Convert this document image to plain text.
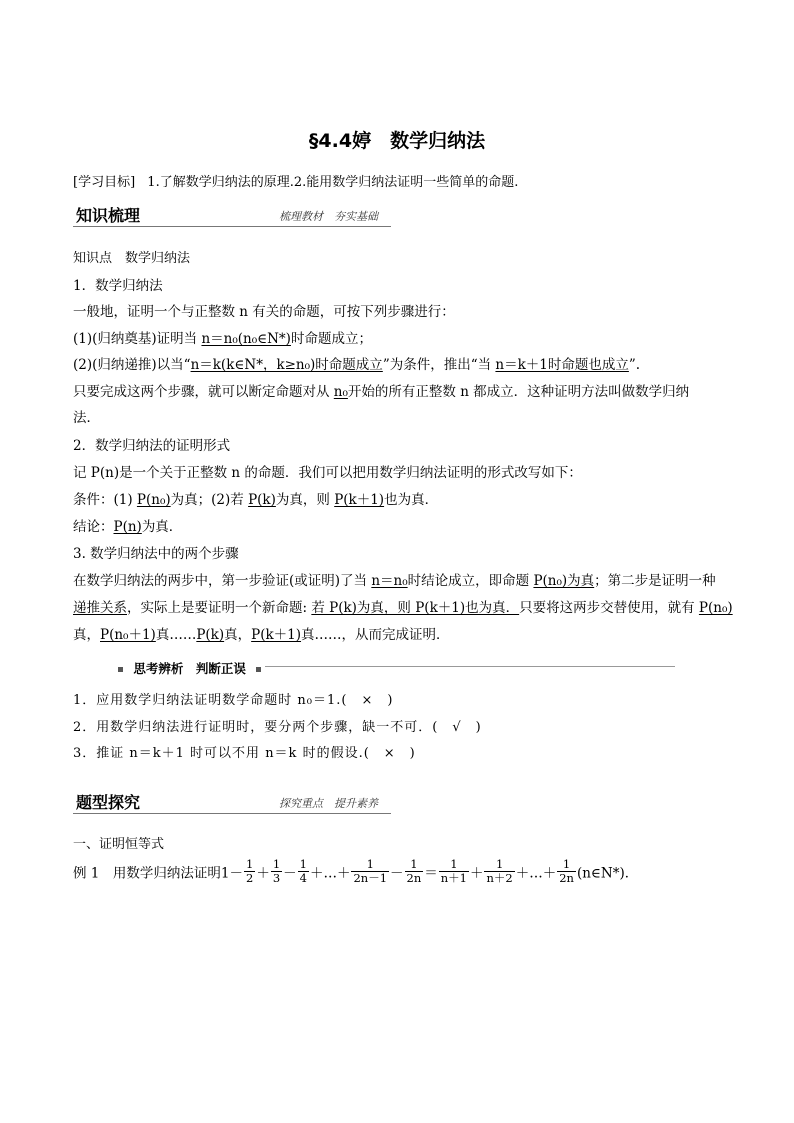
§4.4婷　数学归纳法
[学习目标] 1.了解数学归纳法的原理.2.能用数学归纳法证明一些简单的命题.
知识梳理	梳理教材　夯实基础
知识点　数学归纳法
1．数学归纳法
一般地，证明一个与正整数 n 有关的命题，可按下列步骤进行：
(1)(归纳奠基)证明当 n＝n₀(n₀∈N*)时命题成立；
(2)(归纳递推)以当“n＝k(k∈N*，k≥n₀)时命题成立”为条件，推出“当 n＝k＋1时命题也成立”.
只要完成这两个步骤，就可以断定命题对从 n₀开始的所有正整数 n 都成立．这种证明方法叫做数学归纳
法．
2．数学归纳法的证明形式
记 P(n)是一个关于正整数 n 的命题．我们可以把用数学归纳法证明的形式改写如下：
条件：(1) P(n₀)为真；(2)若 P(k)为真，则 P(k＋1)也为真．
结论：P(n)为真．
3. 数学归纳法中的两个步骤
在数学归纳法的两步中，第一步验证(或证明)了当 n＝n₀时结论成立，即命题 P(n₀)为真；第二步是证明一种
递推关系，实际上是要证明一个新命题: 若 P(k)为真，则 P(k＋1)也为真．只要将这两步交替使用，就有 P(n₀)
真，P(n₀＋1)真……P(k)真，P(k＋1)真……，从而完成证明．
思考辨析　判断正误
1．应用数学归纳法证明数学命题时 n₀＝1.(　×　)
2．用数学归纳法进行证明时，要分两个步骤，缺一不可．(　√　)
3．推证 n＝k＋1 时可以不用 n＝k 时的假设.(　×　)
题型探究	探究重点　提升素养
一、证明恒等式
例 1　用数学归纳法证明$1- \frac{1}{2} + \frac{1}{3} - \frac{1}{4}$ ＋…＋ $\frac{1}{2n-1} - \frac{1}{2n} = \frac{1}{n+1} + \frac{1}{n+2}$ ＋…＋ $\frac{1}{2n}$ (n∈N*)．
